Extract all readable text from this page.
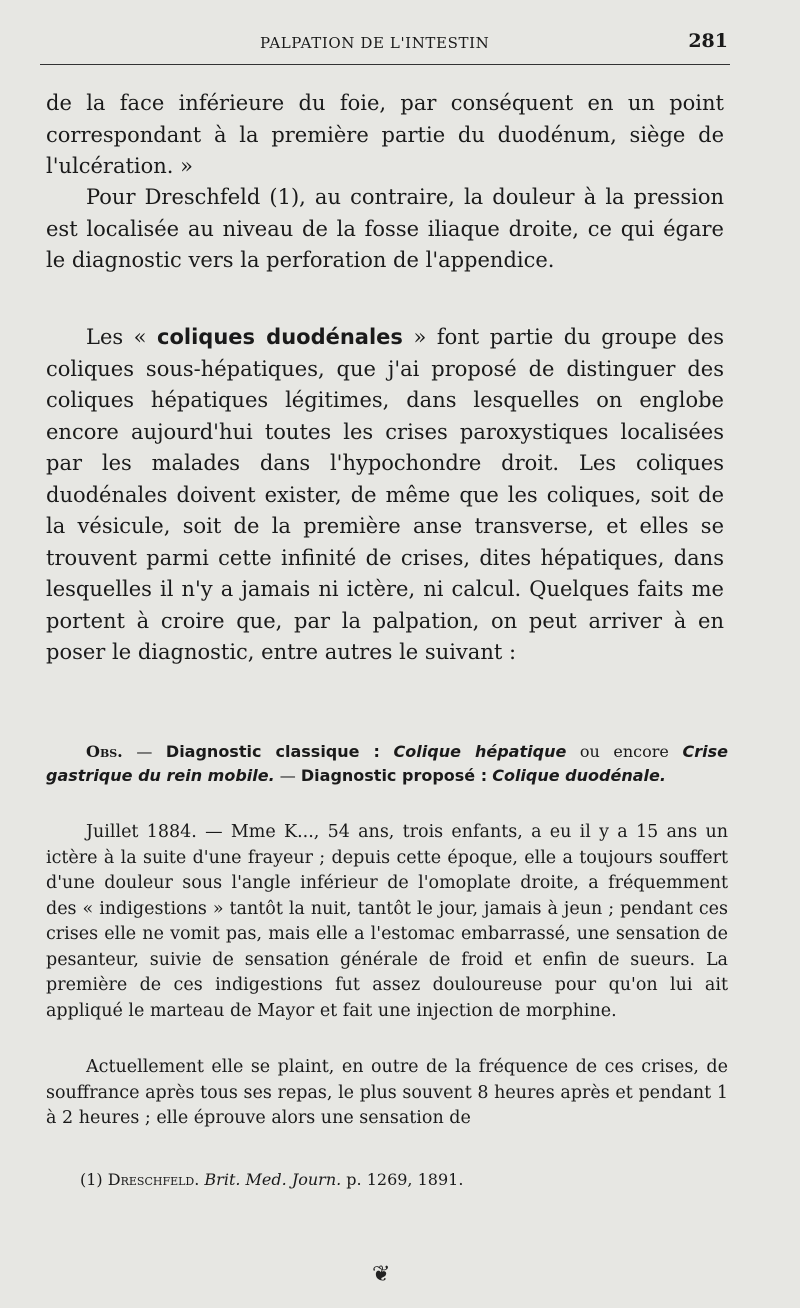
PALPATION DE L'INTESTIN	281

de la face inférieure du foie, par conséquent en un point correspondant à la première partie du duodénum, siège de l'ulcération. »

Pour Dreschfeld (1), au contraire, la douleur à la pression est localisée au niveau de la fosse iliaque droite, ce qui égare le diagnostic vers la perforation de l'appendice.

Les « coliques duodénales » font partie du groupe des coliques sous-hépatiques, que j'ai proposé de distinguer des coliques hépatiques légitimes, dans lesquelles on englobe encore aujourd'hui toutes les crises paroxystiques localisées par les malades dans l'hypochondre droit. Les coliques duodénales doivent exister, de même que les coliques, soit de la vésicule, soit de la première anse transverse, et elles se trouvent parmi cette infinité de crises, dites hépatiques, dans lesquelles il n'y a jamais ni ictère, ni calcul. Quelques faits me portent à croire que, par la palpation, on peut arriver à en poser le diagnostic, entre autres le suivant :

Obs. — Diagnostic classique : Colique hépatique ou encore Crise gastrique du rein mobile. — Diagnostic proposé : Colique duodénale.

Juillet 1884. — Mme K..., 54 ans, trois enfants, a eu il y a 15 ans un ictère à la suite d'une frayeur ; depuis cette époque, elle a toujours souffert d'une douleur sous l'angle inférieur de l'omoplate droite, a fréquemment des « indigestions » tantôt la nuit, tantôt le jour, jamais à jeun ; pendant ces crises elle ne vomit pas, mais elle a l'estomac embarrassé, une sensation de pesanteur, suivie de sensation générale de froid et enfin de sueurs. La première de ces indigestions fut assez douloureuse pour qu'on lui ait appliqué le marteau de Mayor et fait une injection de morphine.

Actuellement elle se plaint, en outre de la fréquence de ces crises, de souffrance après tous ses repas, le plus souvent 8 heures après et pendant 1 à 2 heures ; elle éprouve alors une sensation de

(1) Dreschfeld. Brit. Med. Journ. p. 1269, 1891.
❦
